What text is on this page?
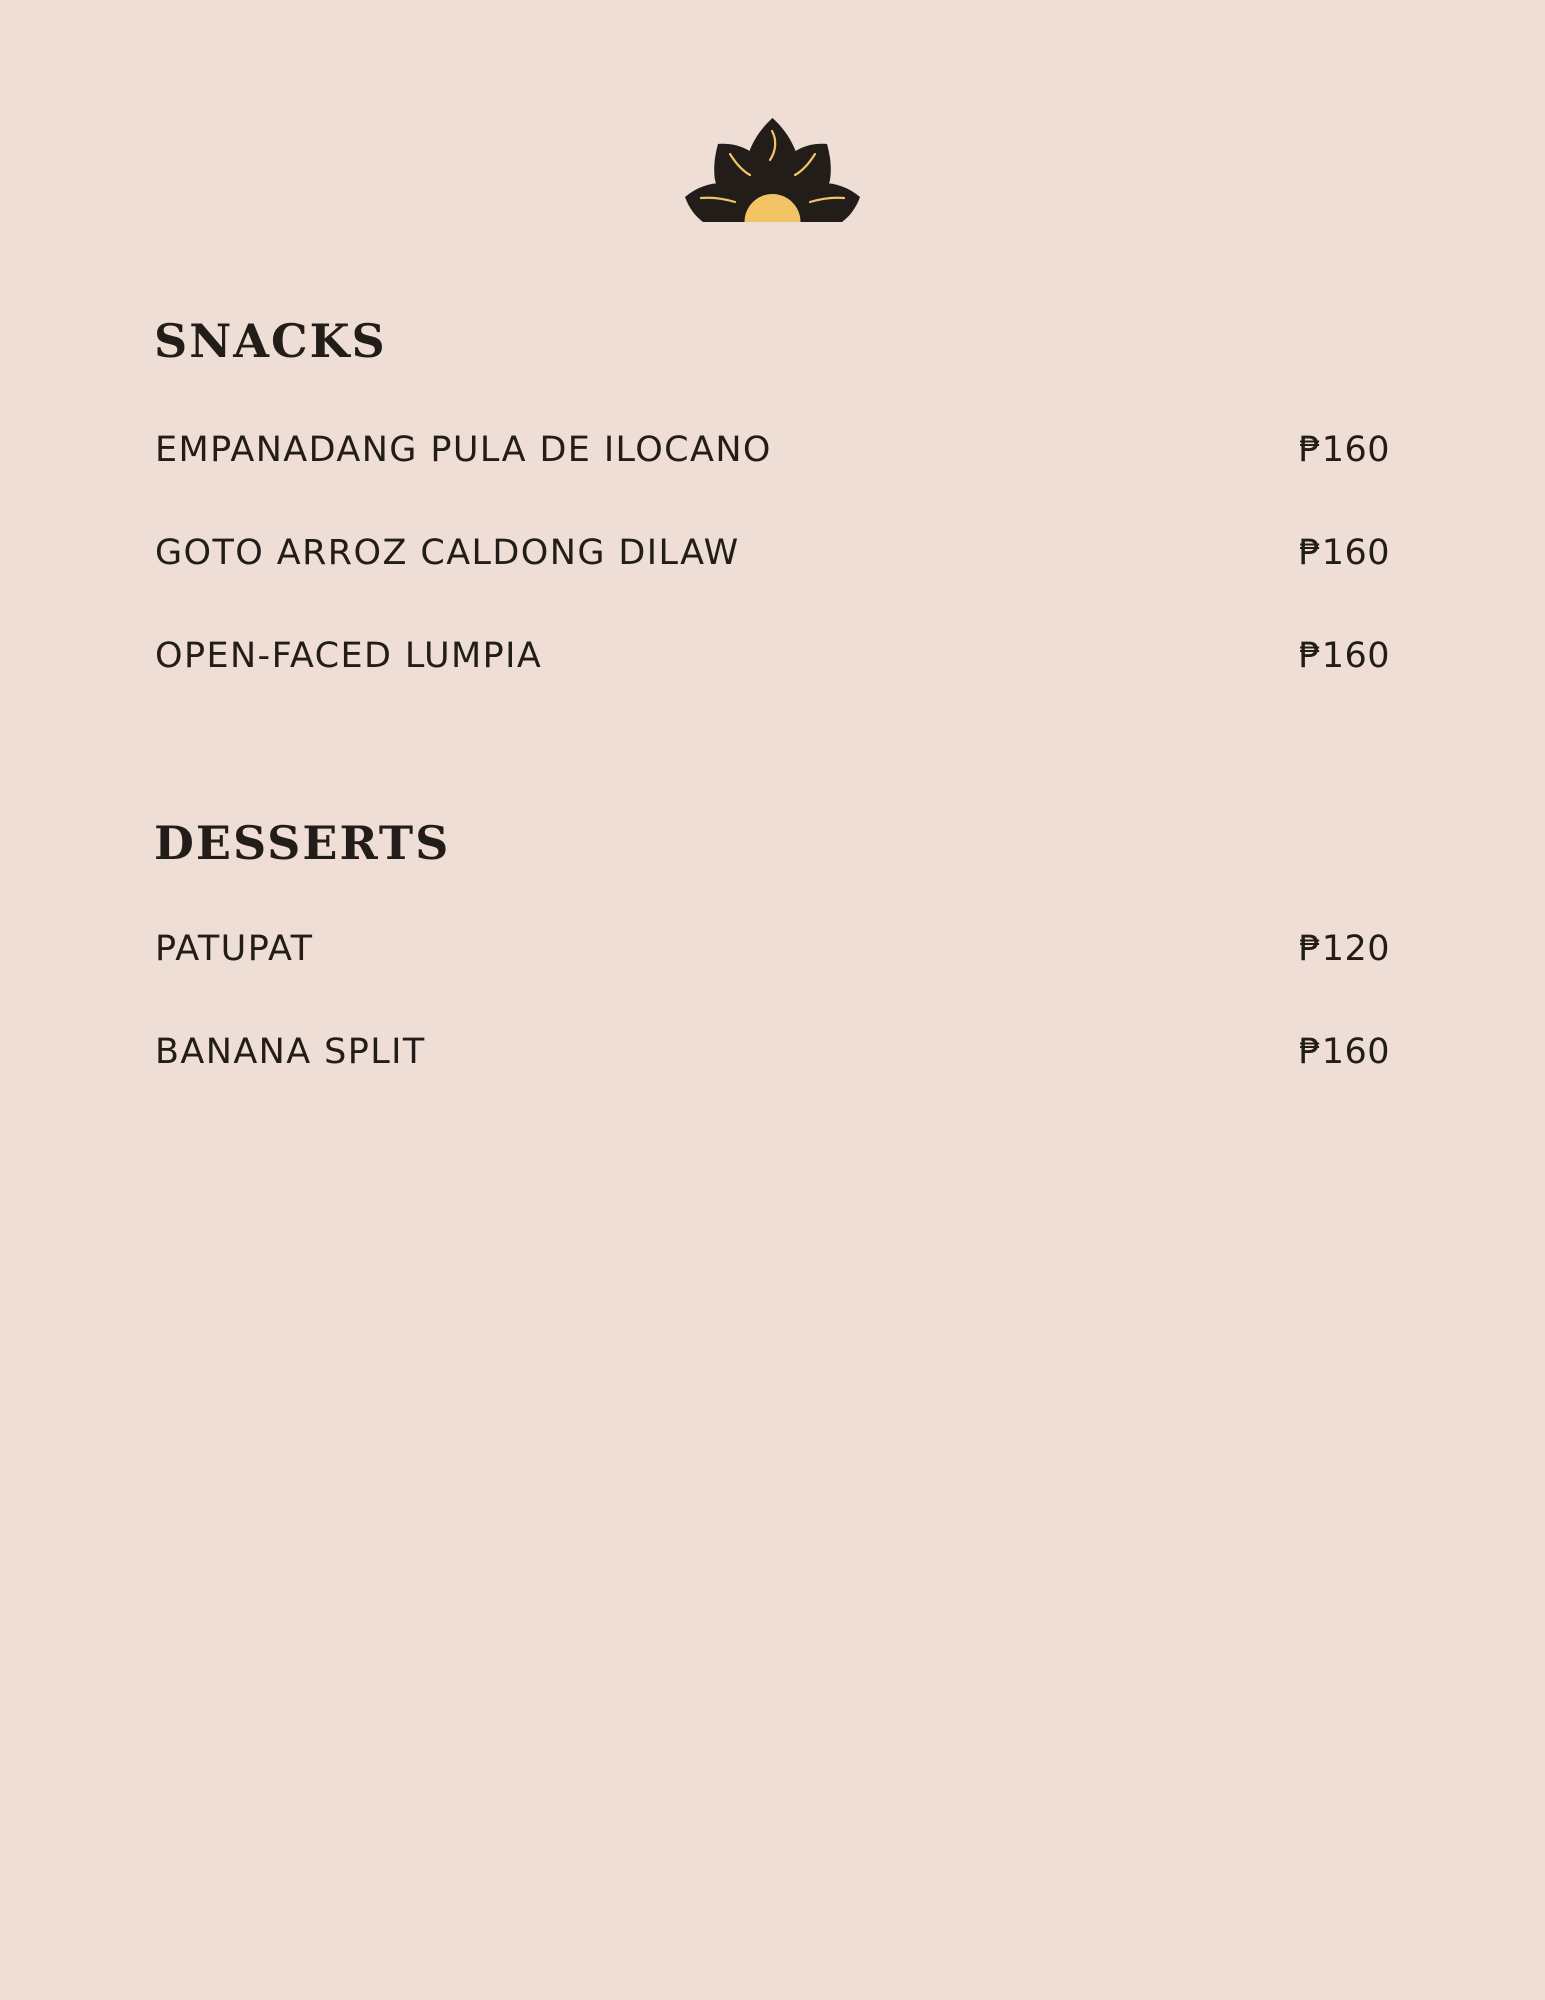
SNACKS
EMPANADANG PULA DE ILOCANO	₱160
GOTO ARROZ CALDONG DILAW	₱160
OPEN-FACED LUMPIA	₱160
DESSERTS
PATUPAT	₱120
BANANA SPLIT	₱160
